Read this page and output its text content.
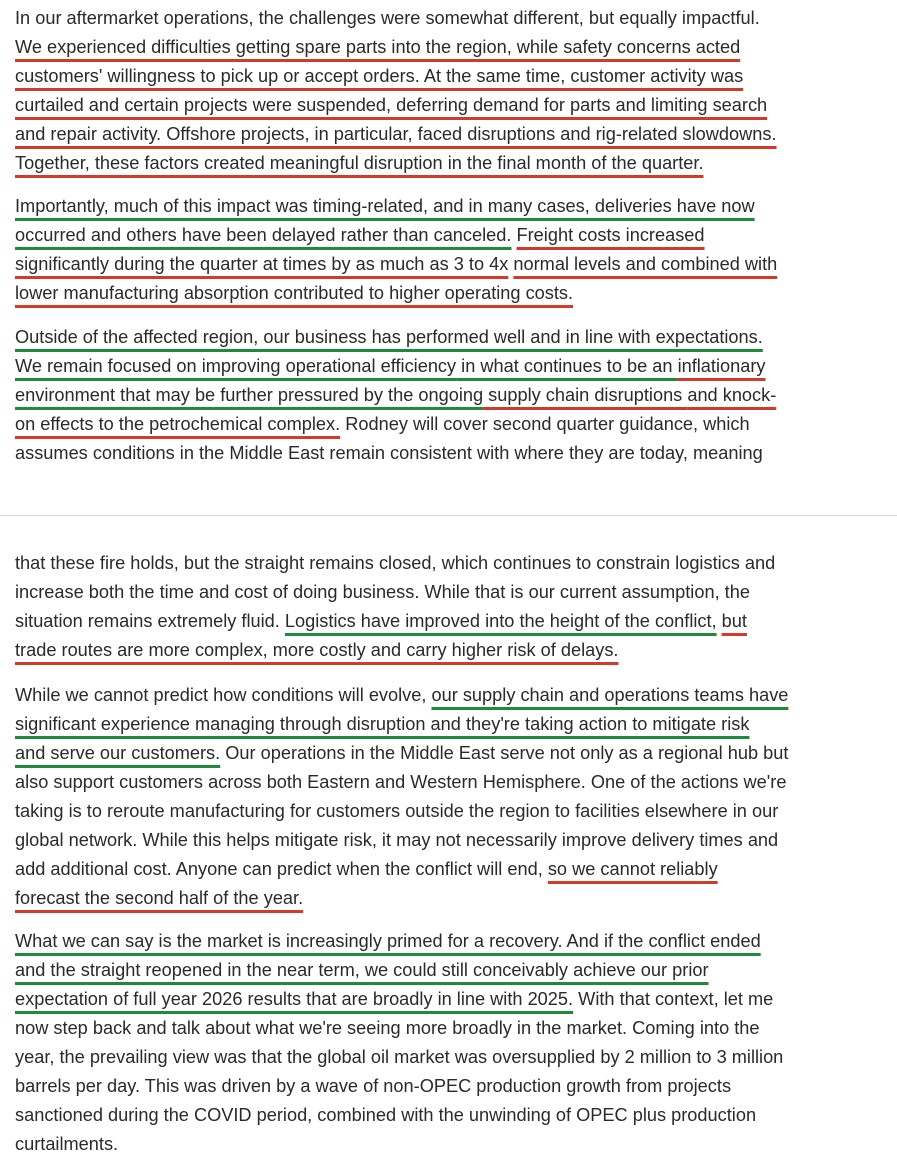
In our aftermarket operations, the challenges were somewhat different, but equally impactful.
We experienced difficulties getting spare parts into the region, while safety concerns acted
customers' willingness to pick up or accept orders. At the same time, customer activity was
curtailed and certain projects were suspended, deferring demand for parts and limiting search
and repair activity. Offshore projects, in particular, faced disruptions and rig-related slowdowns.
Together, these factors created meaningful disruption in the final month of the quarter.
Importantly, much of this impact was timing-related, and in many cases, deliveries have now
occurred and others have been delayed rather than canceled. Freight costs increased
significantly during the quarter at times by as much as 3 to 4x normal levels and combined with
lower manufacturing absorption contributed to higher operating costs.
Outside of the affected region, our business has performed well and in line with expectations.
We remain focused on improving operational efficiency in what continues to be an inflationary
environment that may be further pressured by the ongoing supply chain disruptions and knock-
on effects to the petrochemical complex. Rodney will cover second quarter guidance, which
assumes conditions in the Middle East remain consistent with where they are today, meaning
that these fire holds, but the straight remains closed, which continues to constrain logistics and
increase both the time and cost of doing business. While that is our current assumption, the
situation remains extremely fluid. Logistics have improved into the height of the conflict, but
trade routes are more complex, more costly and carry higher risk of delays.
While we cannot predict how conditions will evolve, our supply chain and operations teams have
significant experience managing through disruption and they're taking action to mitigate risk
and serve our customers. Our operations in the Middle East serve not only as a regional hub but
also support customers across both Eastern and Western Hemisphere. One of the actions we're
taking is to reroute manufacturing for customers outside the region to facilities elsewhere in our
global network. While this helps mitigate risk, it may not necessarily improve delivery times and
add additional cost. Anyone can predict when the conflict will end, so we cannot reliably
forecast the second half of the year.
What we can say is the market is increasingly primed for a recovery. And if the conflict ended
and the straight reopened in the near term, we could still conceivably achieve our prior
expectation of full year 2026 results that are broadly in line with 2025. With that context, let me
now step back and talk about what we're seeing more broadly in the market. Coming into the
year, the prevailing view was that the global oil market was oversupplied by 2 million to 3 million
barrels per day. This was driven by a wave of non-OPEC production growth from projects
sanctioned during the COVID period, combined with the unwinding of OPEC plus production
curtailments.
